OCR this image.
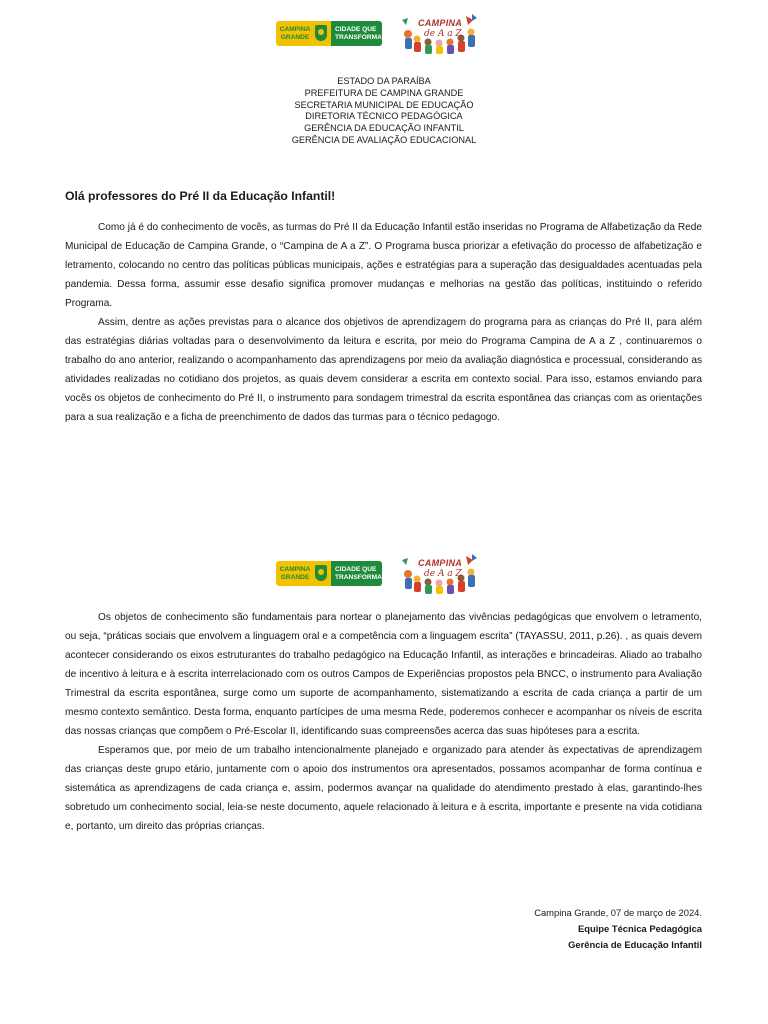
CAMPINA
GRANDE
CIDADE QUE
TRANSFORMA
CAMPINA
de A a Z
ESTADO DA PARAÍBA
PREFEITURA DE CAMPINA GRANDE
SECRETARIA MUNICIPAL DE EDUCAÇÃO
DIRETORIA TÉCNICO PEDAGÓGICA
GERÊNCIA DA EDUCAÇÃO INFANTIL
GERÊNCIA DE AVALIAÇÃO EDUCACIONAL
Olá professores do Pré II da Educação Infantil!

Como já é do conhecimento de vocês, as turmas do Pré II da Educação Infantil estão inseridas no Programa de Alfabetização da Rede Municipal de Educação de Campina Grande, o “Campina de A a Z”. O Programa busca priorizar a efetivação do processo de alfabetização e letramento, colocando no centro das políticas públicas municipais, ações e estratégias para a superação das desigualdades acentuadas pela pandemia. Dessa forma, assumir esse desafio significa promover mudanças e melhorias na gestão das políticas, instituindo o referido Programa.

Assim, dentre as ações previstas para o alcance dos objetivos de aprendizagem do programa para as crianças do Pré II, para além das estratégias diárias voltadas para o desenvolvimento da leitura e escrita, por meio do Programa Campina de A a Z , continuaremos o trabalho do ano anterior, realizando o acompanhamento das aprendizagens por meio da avaliação diagnóstica e processual, considerando as atividades realizadas no cotidiano dos projetos, as quais devem considerar a escrita em contexto social. Para isso, estamos enviando para vocês os objetos de conhecimento do Pré II, o instrumento para sondagem trimestral da escrita espontânea das crianças com as orientações para a sua realização e a ficha de preenchimento de dados das turmas para o técnico pedagogo.

CAMPINA
GRANDE
CIDADE QUE
TRANSFORMA
CAMPINA
de A a Z

Os objetos de conhecimento são fundamentais para nortear o planejamento das vivências pedagógicas que envolvem o letramento, ou seja, “práticas sociais que envolvem a linguagem oral e a competência com a linguagem escrita” (TAYASSU, 2011, p.26). , as quais devem acontecer considerando os eixos estruturantes do trabalho pedagógico na Educação Infantil, as interações e brincadeiras. Aliado ao trabalho de incentivo à leitura e à escrita interrelacionado com os outros Campos de Experiências propostos pela BNCC, o instrumento para Avaliação Trimestral da escrita espontânea, surge como um suporte de acompanhamento, sistematizando a escrita de cada criança a partir de um mesmo contexto semântico. Desta forma, enquanto partícipes de uma mesma Rede, poderemos conhecer e acompanhar os níveis de escrita das nossas crianças que compõem o Pré-Escolar II, identificando suas compreensões acerca das suas hipóteses para a escrita.

Esperamos que, por meio de um trabalho intencionalmente planejado e organizado para atender às expectativas de aprendizagem das crianças deste grupo etário, juntamente com o apoio dos instrumentos ora apresentados, possamos acompanhar de forma contínua e sistemática as aprendizagens de cada criança e, assim, podermos avançar na qualidade do atendimento prestado à elas, garantindo-lhes sobretudo um conhecimento social, leia-se neste documento, aquele relacionado à leitura e à escrita, importante e presente na vida cotidiana e, portanto, um direito das próprias crianças.

Campina Grande, 07 de março de 2024.
Equipe Técnica Pedagógica
Gerência de Educação Infantil
